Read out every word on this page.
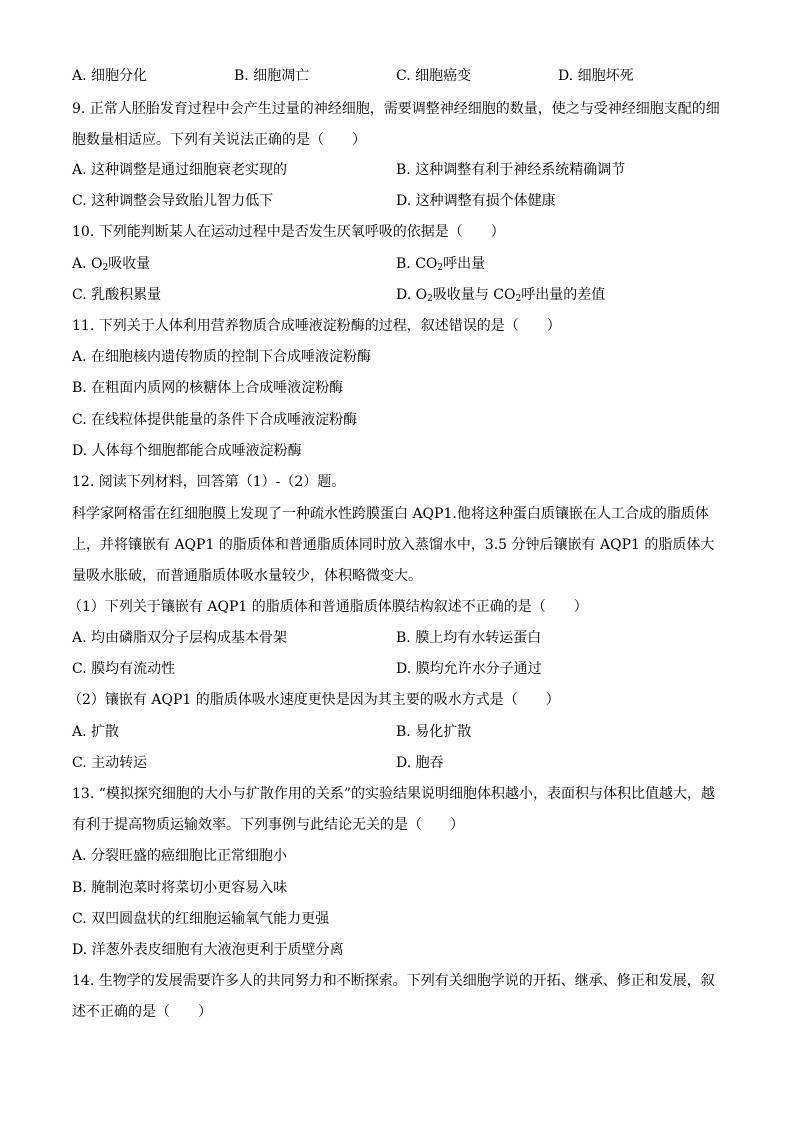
A. 细胞分化	B. 细胞凋亡	C. 细胞癌变	D. 细胞坏死
9. 正常人胚胎发育过程中会产生过量的神经细胞，需要调整神经细胞的数量，使之与受神经细胞支配的细胞数量相适应。下列有关说法正确的是（　　）
A. 这种调整是通过细胞衰老实现的	B. 这种调整有利于神经系统精确调节
C. 这种调整会导致胎儿智力低下	D. 这种调整有损个体健康
10. 下列能判断某人在运动过程中是否发生厌氧呼吸的依据是（　　）
A. $O_2$吸收量	B. $CO_2$呼出量
C. 乳酸积累量	D. $O_2$吸收量与 $CO_2$呼出量的差值
11. 下列关于人体利用营养物质合成唾液淀粉酶的过程，叙述错误的是（　　）
A. 在细胞核内遗传物质的控制下合成唾液淀粉酶
B. 在粗面内质网的核糖体上合成唾液淀粉酶
C. 在线粒体提供能量的条件下合成唾液淀粉酶
D. 人体每个细胞都能合成唾液淀粉酶
12. 阅读下列材料，回答第（1）-（2）题。
科学家阿格雷在红细胞膜上发现了一种疏水性跨膜蛋白 AQP1.他将这种蛋白质镶嵌在人工合成的脂质体上，并将镶嵌有 AQP1 的脂质体和普通脂质体同时放入蒸馏水中，3.5 分钟后镶嵌有 AQP1 的脂质体大量吸水胀破，而普通脂质体吸水量较少，体积略微变大。
（1）下列关于镶嵌有 AQP1 的脂质体和普通脂质体膜结构叙述不正确的是（　　）
A. 均由磷脂双分子层构成基本骨架	B. 膜上均有水转运蛋白
C. 膜均有流动性	D. 膜均允许水分子通过
（2）镶嵌有 AQP1 的脂质体吸水速度更快是因为其主要的吸水方式是（　　）
A. 扩散	B. 易化扩散
C. 主动转运	D. 胞吞
13. “模拟探究细胞的大小与扩散作用的关系”的实验结果说明细胞体积越小，表面积与体积比值越大，越有利于提高物质运输效率。下列事例与此结论无关的是（　　）
A. 分裂旺盛的癌细胞比正常细胞小
B. 腌制泡菜时将菜切小更容易入味
C. 双凹圆盘状的红细胞运输氧气能力更强
D. 洋葱外表皮细胞有大液泡更利于质壁分离
14. 生物学的发展需要许多人的共同努力和不断探索。下列有关细胞学说的开拓、继承、修正和发展，叙述不正确的是（　　）
